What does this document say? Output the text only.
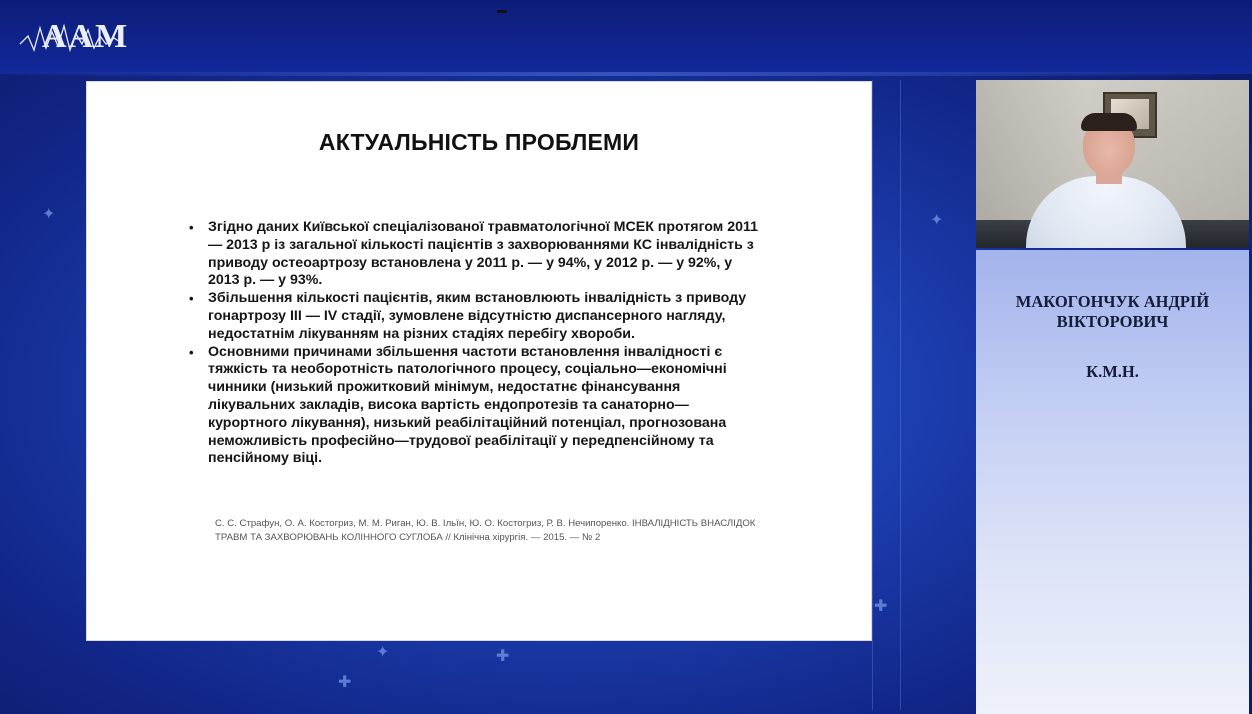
AAM
✦
✚
✦	✚
✚
✦
АКТУАЛЬНІСТЬ ПРОБЛЕМИ
• Згідно даних Київської спеціалізованої травматологічної МСЕК протягом 2011 — 2013 р із загальної кількості пацієнтів з захворюваннями КС інвалідність з приводу остеоартрозу встановлена у 2011 р. — у 94%, у 2012 р. — у 92%, у 2013 р. — у 93%.
• Збільшення кількості пацієнтів, яким встановлюють інвалідність з приводу гонартрозу III — IV стадії, зумовлене відсутністю диспансерного нагляду, недостатнім лікуванням на різних стадіях перебігу хвороби.
• Основними причинами збільшення частоти встановлення інвалідності є тяжкість та необоротність патологічного процесу, соціально—економічні чинники (низький прожитковий мінімум, недостатнє фінансування лікувальних закладів, висока вартість ендопротезів та санаторно—курортного лікування), низький реабілітаційний потенціал, прогнозована неможливість професійно—трудової реабілітації у передпенсійному та пенсійному віці.
С. С. Страфун, О. А. Костогриз, М. М. Риган, Ю. В. Ільїн, Ю. О. Костогриз, Р. В. Нечипоренко. ІНВАЛІДНІСТЬ ВНАСЛІДОК ТРАВМ ТА ЗАХВОРЮВАНЬ КОЛІННОГО СУГЛОБА // Клінічна хірургія. — 2015. — № 2
МАКОГОНЧУК АНДРІЙ ВІКТОРОВИЧ
К.М.Н.
